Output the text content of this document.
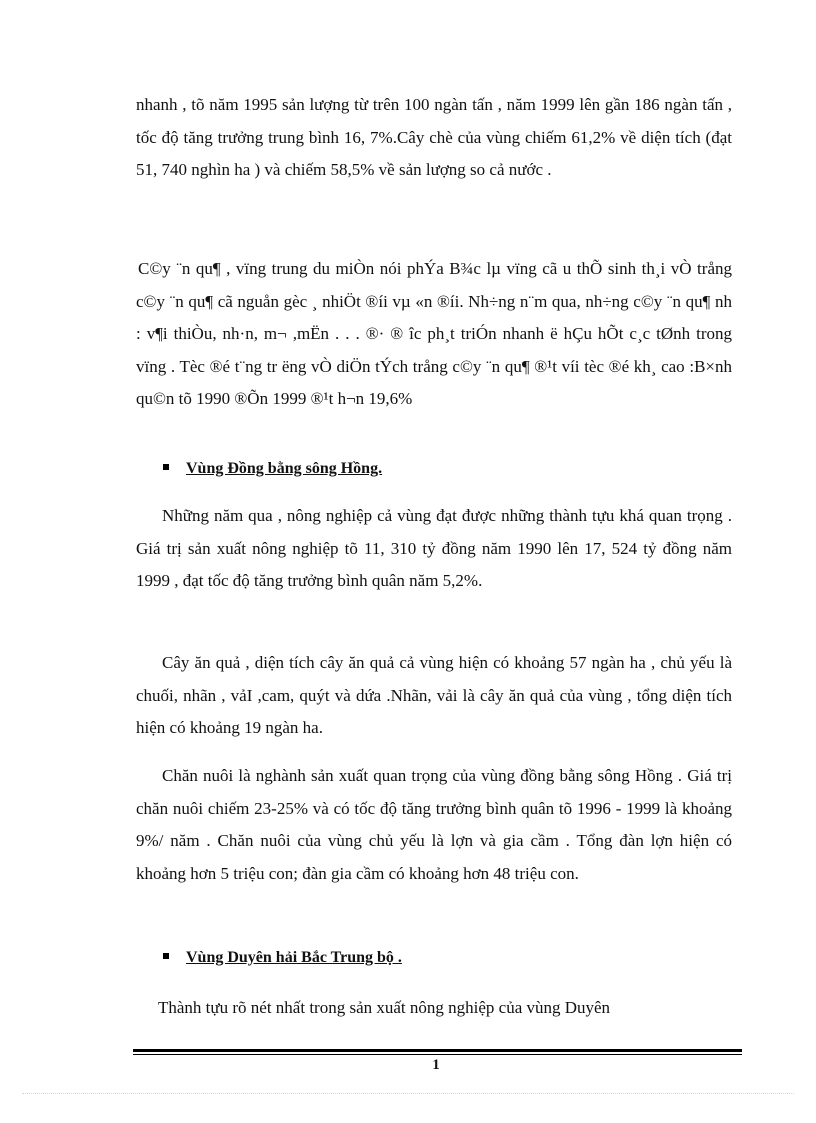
nhanh , tõ năm 1995 sản lượng từ trên 100 ngàn tấn , năm 1999 lên gần 186 ngàn tấn , tốc độ tăng trưởng trung bình 16, 7%.Cây chè của vùng chiếm 61,2% về diện tích (đạt 51, 740 nghìn ha ) và chiếm 58,5% về sản lượng so cả nước .

C©y ¨n qu¶ , vïng trung du miÒn nói phÝa B¾c lµ vïng cã u thÕ sinh th¸i vÒ trång c©y ¨n qu¶ cã nguån gèc ¸ nhiÖt ®íi vµ «n ®íi. Nh÷ng n¨m qua, nh÷ng c©y ¨n qu¶ nh : v¶i thiÒu, nh·n, m¬ ,mËn . . . ®· ® îc ph¸t triÓn nhanh ë hÇu hÕt c¸c tØnh trong vïng . Tèc ®é t¨ng tr ëng vÒ diÖn tÝch trång c©y ¨n qu¶ ®¹t víi tèc ®é kh¸ cao :B×nh qu©n tõ 1990 ®Õn 1999 ®¹t h¬n 19,6%

Vùng Đồng bằng sông Hồng.

Những năm qua , nông nghiệp cả vùng đạt được những thành tựu khá quan trọng . Giá trị sản xuất nông nghiệp tõ 11, 310 tỷ đồng năm 1990 lên 17, 524 tỷ đồng năm 1999 , đạt tốc độ tăng trưởng bình quân năm 5,2%.

Cây ăn quả , diện tích cây ăn quả cả vùng hiện có khoảng 57 ngàn ha , chủ yếu là chuối, nhãn , vảI ,cam, quýt và dứa .Nhãn, vải là cây ăn quả của vùng , tổng diện tích hiện có khoảng 19 ngàn ha.

Chăn nuôi là nghành sản xuất quan trọng của vùng đồng bằng sông Hồng . Giá trị chăn nuôi chiếm 23-25% và có tốc độ tăng trưởng bình quân tõ 1996 - 1999 là khoảng 9%/ năm . Chăn nuôi của vùng chủ yếu là lợn và gia cầm . Tổng đàn lợn hiện có khoảng hơn 5 triệu con; đàn gia cầm có khoảng hơn 48 triệu con.

Vùng Duyên hải Bắc Trung bộ .

Thành tựu rõ nét nhất trong sản xuất nông nghiệp của vùng Duyên

1
